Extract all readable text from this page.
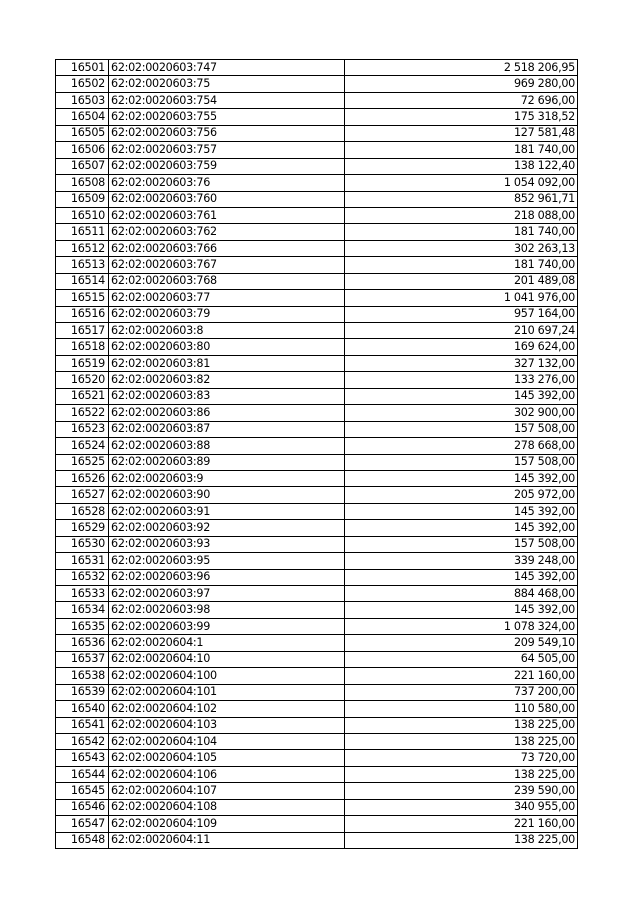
16501	62:02:0020603:747	2 518 206,95
16502	62:02:0020603:75	969 280,00
16503	62:02:0020603:754	72 696,00
16504	62:02:0020603:755	175 318,52
16505	62:02:0020603:756	127 581,48
16506	62:02:0020603:757	181 740,00
16507	62:02:0020603:759	138 122,40
16508	62:02:0020603:76	1 054 092,00
16509	62:02:0020603:760	852 961,71
16510	62:02:0020603:761	218 088,00
16511	62:02:0020603:762	181 740,00
16512	62:02:0020603:766	302 263,13
16513	62:02:0020603:767	181 740,00
16514	62:02:0020603:768	201 489,08
16515	62:02:0020603:77	1 041 976,00
16516	62:02:0020603:79	957 164,00
16517	62:02:0020603:8	210 697,24
16518	62:02:0020603:80	169 624,00
16519	62:02:0020603:81	327 132,00
16520	62:02:0020603:82	133 276,00
16521	62:02:0020603:83	145 392,00
16522	62:02:0020603:86	302 900,00
16523	62:02:0020603:87	157 508,00
16524	62:02:0020603:88	278 668,00
16525	62:02:0020603:89	157 508,00
16526	62:02:0020603:9	145 392,00
16527	62:02:0020603:90	205 972,00
16528	62:02:0020603:91	145 392,00
16529	62:02:0020603:92	145 392,00
16530	62:02:0020603:93	157 508,00
16531	62:02:0020603:95	339 248,00
16532	62:02:0020603:96	145 392,00
16533	62:02:0020603:97	884 468,00
16534	62:02:0020603:98	145 392,00
16535	62:02:0020603:99	1 078 324,00
16536	62:02:0020604:1	209 549,10
16537	62:02:0020604:10	64 505,00
16538	62:02:0020604:100	221 160,00
16539	62:02:0020604:101	737 200,00
16540	62:02:0020604:102	110 580,00
16541	62:02:0020604:103	138 225,00
16542	62:02:0020604:104	138 225,00
16543	62:02:0020604:105	73 720,00
16544	62:02:0020604:106	138 225,00
16545	62:02:0020604:107	239 590,00
16546	62:02:0020604:108	340 955,00
16547	62:02:0020604:109	221 160,00
16548	62:02:0020604:11	138 225,00
